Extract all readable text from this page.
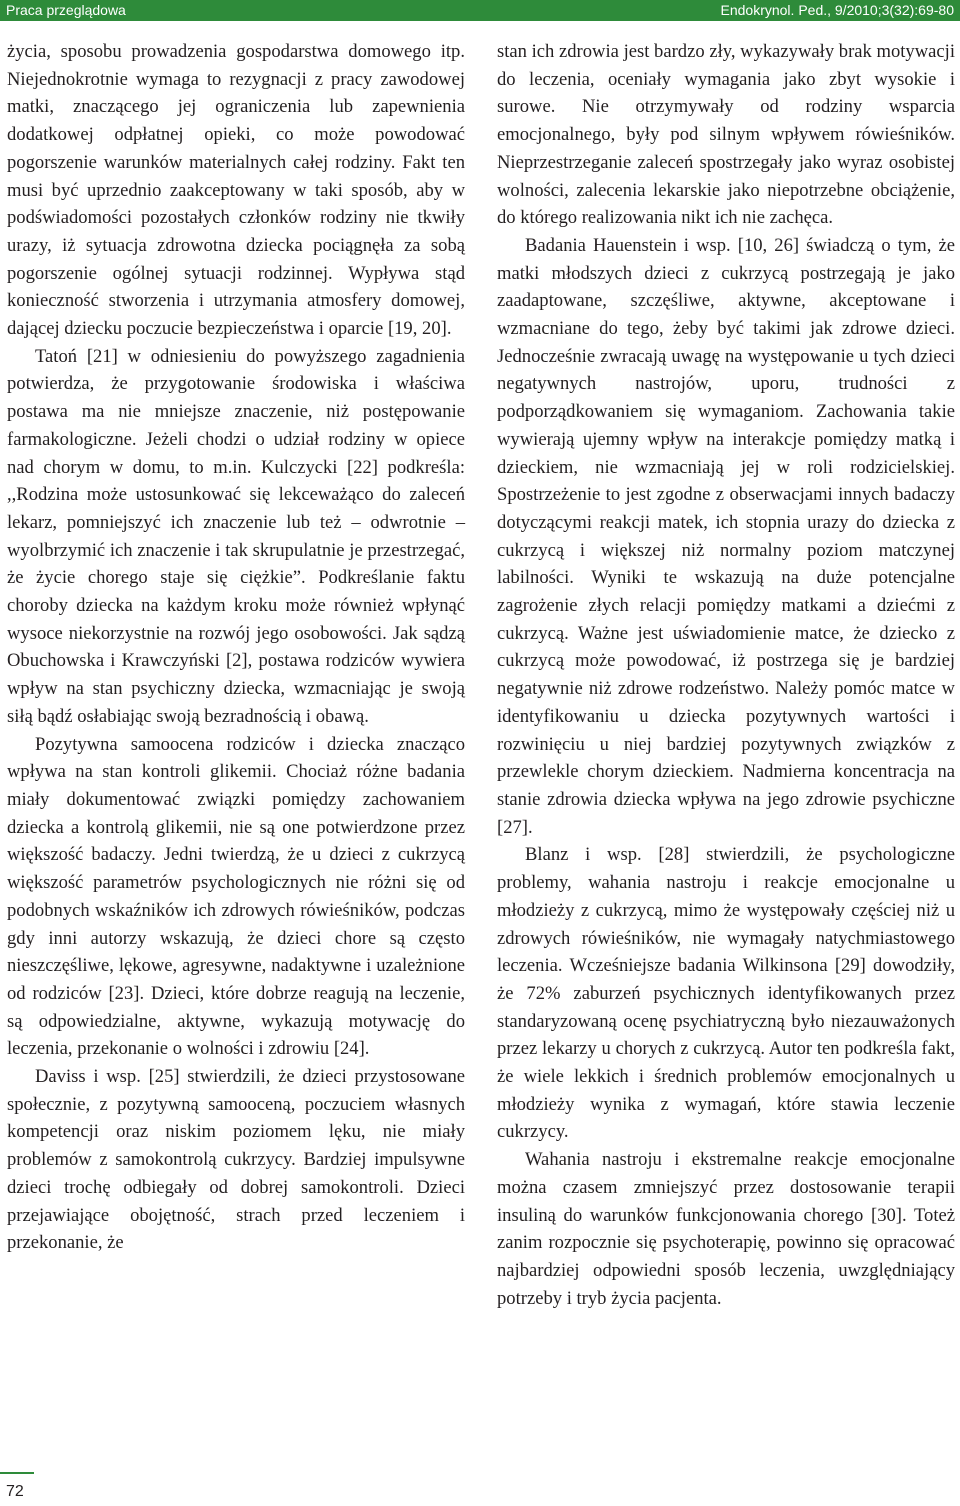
Praca przeglądowa	Endokrynol. Ped., 9/2010;3(32):69-80

życia, sposobu prowadzenia gospodarstwa domowego itp. Niejednokrotnie wymaga to rezygnacji z pracy zawodowej matki, znaczącego jej ograniczenia lub zapewnienia dodatkowej odpłatnej opieki, co może powodować pogorszenie warunków materialnych całej rodziny. Fakt ten musi być uprzednio zaakceptowany w taki sposób, aby w podświadomości pozostałych członków rodziny nie tkwiły urazy, iż sytuacja zdrowotna dziecka pociągnęła za sobą pogorszenie ogólnej sytuacji rodzinnej. Wypływa stąd konieczność stworzenia i utrzymania atmosfery domowej, dającej dziecku poczucie bezpieczeństwa i oparcie [19, 20].

Tatoń [21] w odniesieniu do powyższego zagadnienia potwierdza, że przygotowanie środowiska i właściwa postawa ma nie mniejsze znaczenie, niż postępowanie farmakologiczne. Jeżeli chodzi o udział rodziny w opiece nad chorym w domu, to m.in. Kulczycki [22] podkreśla: ,,Rodzina może ustosunkować się lekceważąco do zaleceń lekarz, pomniejszyć ich znaczenie lub też – odwrotnie – wyolbrzymić ich znaczenie i tak skrupulatnie je przestrzegać, że życie chorego staje się ciężkie”. Podkreślanie faktu choroby dziecka na każdym kroku może również wpłynąć wysoce niekorzystnie na rozwój jego osobowości. Jak sądzą Obuchowska i Krawczyński [2], postawa rodziców wywiera wpływ na stan psychiczny dziecka, wzmacniając je swoją siłą bądź osłabiając swoją bezradnością i obawą.

Pozytywna samoocena rodziców i dziecka znacząco wpływa na stan kontroli glikemii. Chociaż różne badania miały dokumentować związki pomiędzy zachowaniem dziecka a kontrolą glikemii, nie są one potwierdzone przez większość badaczy. Jedni twierdzą, że u dzieci z cukrzycą większość parametrów psychologicznych nie różni się od podobnych wskaźników ich zdrowych rówieśników, podczas gdy inni autorzy wskazują, że dzieci chore są często nieszczęśliwe, lękowe, agresywne, nadaktywne i uzależnione od rodziców [23]. Dzieci, które dobrze reagują na leczenie, są odpowiedzialne, aktywne, wykazują motywację do leczenia, przekonanie o wolności i zdrowiu [24].

Daviss i wsp. [25] stwierdzili, że dzieci przystosowane społecznie, z pozytywną samooceną, poczuciem własnych kompetencji oraz niskim poziomem lęku, nie miały problemów z samokontrolą cukrzycy. Bardziej impulsywne dzieci trochę odbiegały od dobrej samokontroli. Dzieci przejawiające obojętność, strach przed leczeniem i przekonanie, że

stan ich zdrowia jest bardzo zły, wykazywały brak motywacji do leczenia, oceniały wymagania jako zbyt wysokie i surowe. Nie otrzymywały od rodziny wsparcia emocjonalnego, były pod silnym wpływem rówieśników. Nieprzestrzeganie zaleceń spostrzegały jako wyraz osobistej wolności, zalecenia lekarskie jako niepotrzebne obciążenie, do którego realizowania nikt ich nie zachęca.

Badania Hauenstein i wsp. [10, 26] świadczą o tym, że matki młodszych dzieci z cukrzycą postrzegają je jako zaadaptowane, szczęśliwe, aktywne, akceptowane i wzmacniane do tego, żeby być takimi jak zdrowe dzieci. Jednocześnie zwracają uwagę na występowanie u tych dzieci negatywnych nastrojów, uporu, trudności z podporządkowaniem się wymaganiom. Zachowania takie wywierają ujemny wpływ na interakcje pomiędzy matką i dzieckiem, nie wzmacniają jej w roli rodzicielskiej. Spostrzeżenie to jest zgodne z obserwacjami innych badaczy dotyczącymi reakcji matek, ich stopnia urazy do dziecka z cukrzycą i większej niż normalny poziom matczynej labilności. Wyniki te wskazują na duże potencjalne zagrożenie złych relacji pomiędzy matkami a dziećmi z cukrzycą. Ważne jest uświadomienie matce, że dziecko z cukrzycą może powodować, iż postrzega się je bardziej negatywnie niż zdrowe rodzeństwo. Należy pomóc matce w identyfikowaniu u dziecka pozytywnych wartości i rozwinięciu u niej bardziej pozytywnych związków z przewlekle chorym dzieckiem. Nadmierna koncentracja na stanie zdrowia dziecka wpływa na jego zdrowie psychiczne [27].

Blanz i wsp. [28] stwierdzili, że psychologiczne problemy, wahania nastroju i reakcje emocjonalne u młodzieży z cukrzycą, mimo że występowały częściej niż u zdrowych rówieśników, nie wymagały natychmiastowego leczenia. Wcześniejsze badania Wilkinsona [29] dowodziły, że 72% zaburzeń psychicznych identyfikowanych przez standaryzowaną ocenę psychiatryczną było niezauważonych przez lekarzy u chorych z cukrzycą. Autor ten podkreśla fakt, że wiele lekkich i średnich problemów emocjonalnych u młodzieży wynika z wymagań, które stawia leczenie cukrzycy.

Wahania nastroju i ekstremalne reakcje emocjonalne można czasem zmniejszyć przez dostosowanie terapii insuliną do warunków funkcjonowania chorego [30]. Toteż zanim rozpocznie się psychoterapię, powinno się opracować najbardziej odpowiedni sposób leczenia, uwzględniający potrzeby i tryb życia pacjenta.

72
